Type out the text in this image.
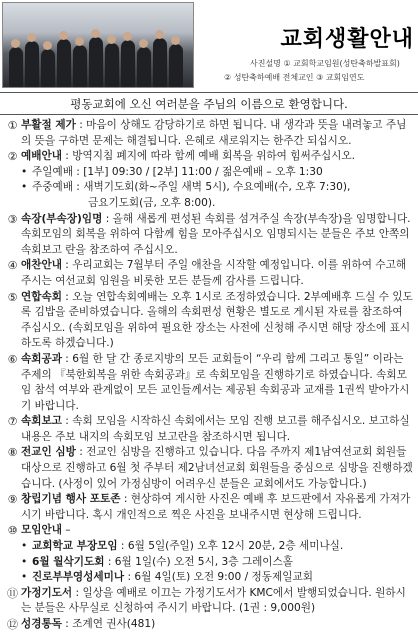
교회생활안내
사진설명 ① 교회학교임원(성탄축하발표회)
② 성탄축하예배 전체교인 ③ 교회임연도
평동교회에 오신 여러분을 주님의 이름으로 환영합니다.
① 부활절 제가 : 마음이 상해도 감당하기로 하면 됩니다. 내 생각과 뜻을 내려놓고 주님의 뜻을 구하면 문제는 해결됩니다. 은혜로 새로워지는 한주간 되십시오.
② 예배안내 : 방역지침 폐지에 따라 함께 예배 회복을 위하여 힘써주십시오.
• 주일예배 : [1부] 09:30 / [2부] 11:00 / 젊은예배 – 오후 1:30
• 주중예배 : 새벽기도회(화~주일 새벽 5시), 수요예배(수, 오후 7:30),
금요기도회(금, 오후 8:00).
③ 속장(부속장)임명 : 올해 새롭게 편성된 속회를 섬겨주실 속장(부속장)을 임명합니다. 속회모임의 회복을 위하여 다함께 힘을 모아주십시오 임명되시는 분들은 주보 안쪽의 속회보고 란을 참조하여 주십시오.
④ 애찬안내 : 우리교회는 7월부터 주일 애찬을 시작할 예정입니다. 이를 위하여 수고해 주시는 여선교회 임원을 비롯한 모든 분들께 감사를 드립니다.
⑤ 연합속회 : 오늘 연합속회예배는 오후 1시로 조정하였습니다. 2부예배후 드실 수 있도록 김밥을 준비하였습니다. 올해의 속회편성 현황은 별도로 게시된 자료를 참조하여 주십시오. (속회모임을 위하여 필요한 장소는 사전에 신청해 주시면 해당 장소에 표시하도록 하겠습니다.)
⑥ 속회공과 : 6월 한 달 간 종로지방의 모든 교회들이 “우리 함께 그리고 통일” 이라는 주제의 『북한회복을 위한 속회공과』로 속회모임을 진행하기로 하였습니다. 속회모임 참석 여부와 관계없이 모든 교인들께서는 제공된 속회공과 교재를 1권씩 받아가시기 바랍니다.
⑦ 속회보고 : 속회 모임을 시작하신 속회에서는 모임 진행 보고를 해주십시오. 보고하실 내용은 주보 내지의 속회모임 보고란을 참조하시면 됩니다.
⑧ 전교인 심방 : 전교인 심방을 진행하고 있습니다. 다음 주까지 제1남여선교회 회원들 대상으로 진행하고 6월 첫 주부터 제2남녀선교회 회원들을 중심으로 심방을 진행하겠습니다. (사정이 있어 가정심방이 어려우신 분들은 교회에서도 가능합니다.)
⑨ 창립기념 행사 포토존 : 현상하여 게시한 사진은 예배 후 보드판에서 자유롭게 가져가시기 바랍니다. 혹시 개인적으로 찍은 사진을 보내주시면 현상해 드립니다.
⑩ 모임안내 –
• 교회학교 부장모임 : 6월 5일(주일) 오후 12시 20분, 2층 세미나실.
• 6월 월삭기도회 : 6월 1일(수) 오전 5시, 3층 그레이스홀
• 진로부부영성세미나 : 6월 4일(토) 오전 9:00 / 정동제일교회
⑪ 가정기도서 : 일상을 예배로 이끄는 가정기도서가 KMC에서 발행되었습니다. 원하시는 분들은 사무실로 신청하여 주시기 바랍니다. (1권 : 9,000원)
⑫ 성경통독 : 조계연 권사(481)
